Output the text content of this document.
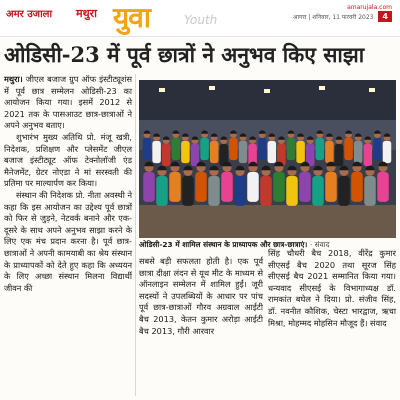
अमर उजाला मथुरा युवा	Youth
amarujala.com
आगरा | शनिवार, 11 फरवरी 2023 4
ओडिसी-23 में पूर्व छात्रों ने अनुभव किए साझा

मथुरा। जीएल बजाज ग्रुप ऑफ इंस्टीट्यूशंस में पूर्व छात्र सम्मेलन ओडिसी-23 का आयोजन किया गया। इसमें 2012 से 2021 तक के पासआउट छात्र-छात्राओं ने अपने अनुभव बताए।

शुभारंभ मुख्य अतिथि प्रो. मंजू खत्री, निदेशक, प्रशिक्षण और प्लेसमेंट जीएल बजाज इंस्टीट्यूट ऑफ टेक्नोलॉजी एंड मैनेजमेंट, ग्रेटर नोएडा ने मां सरस्वती की प्रतिमा पर माल्यार्पण कर किया।

संस्थान की निदेशक प्रो. नीता अवस्थी ने कहा कि इस आयोजन का उद्देश्य पूर्व छात्रों को फिर से जुड़ने, नेटवर्क बनाने और एक-दूसरे के साथ अपने अनुभव साझा करने के लिए एक मंच प्रदान करना है। पूर्व छात्र-छात्राओं ने अपनी कामयाबी का श्रेय संस्थान के प्राध्यापकों को देते हुए कहा कि अध्ययन के लिए अच्छा संस्थान मिलना विद्यार्थी जीवन की

ओडिसी-23 में शामिल संस्थान के प्राध्यापक और छात्र-छात्राएं। · संवाद

सबसे बड़ी सफलता होती है। एक पूर्व छात्रा दीक्षा लंदन से यूथ मीट के माध्यम से ऑनलाइन सम्मेलन में शामिल हुईं। जूरी सदस्यों ने उपलब्धियों के आधार पर पांच पूर्व छात्र-छात्राओं गौरव अग्रवाल आईटी बैच 2013, केतन कुमार अरोड़ा आईटी बैच 2013, गौरी आरवार

सिंह चौधरी बैच 2018, वीरेंद्र कुमार सीएसई बैच 2020 तथा सूरज सिंह सीएसई बैच 2021 सम्मानित किया गया। धन्यवाद सीएसई के विभागाध्यक्ष डॉ. रामकांत बघेल ने दिया। प्रो. संजीव सिंह, डॉ. नवनीत कौशिक, चेस्टा भारद्वाज, ऋचा मिश्रा, मोहम्मद मोहसिन मौजूद हैं। संवाद
